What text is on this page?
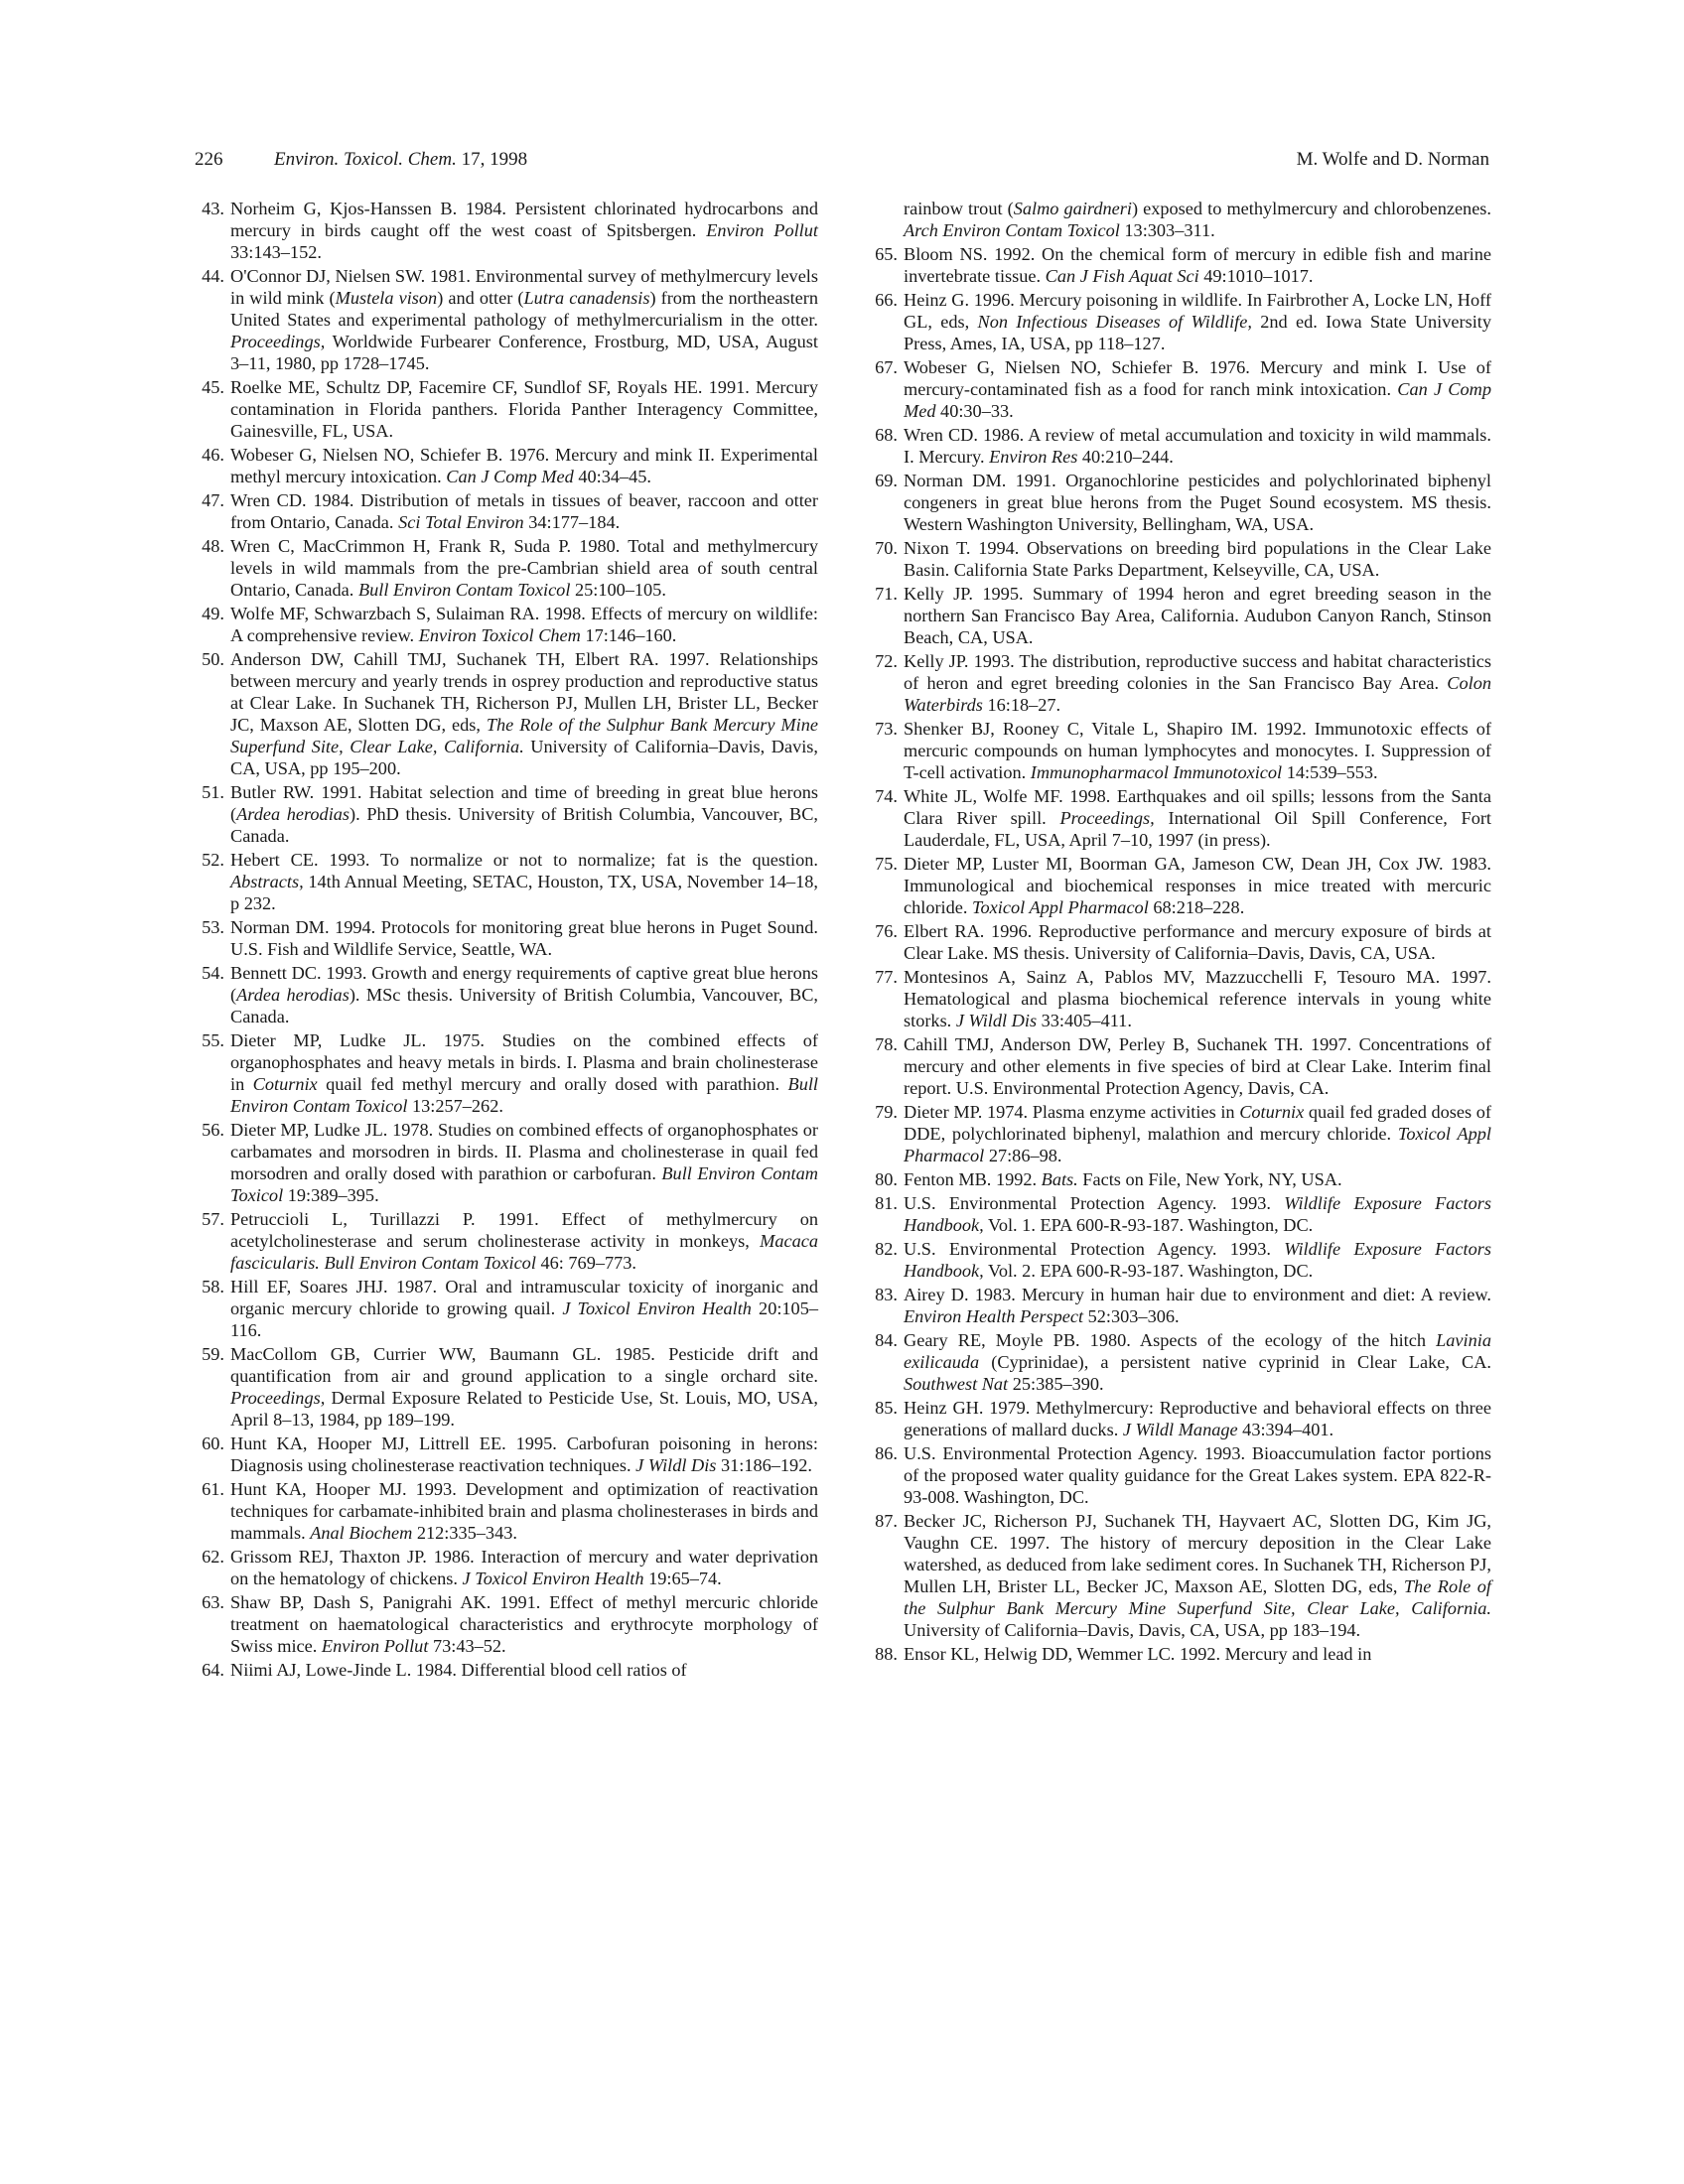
226	Environ. Toxicol. Chem. 17, 1998	M. Wolfe and D. Norman
43. Norheim G, Kjos-Hanssen B. 1984. Persistent chlorinated hydrocarbons and mercury in birds caught off the west coast of Spitsbergen. Environ Pollut 33:143–152.
44. O'Connor DJ, Nielsen SW. 1981. Environmental survey of methylmercury levels in wild mink (Mustela vison) and otter (Lutra canadensis) from the northeastern United States and experimental pathology of methylmercurialism in the otter. Proceedings, Worldwide Furbearer Conference, Frostburg, MD, USA, August 3–11, 1980, pp 1728–1745.
45. Roelke ME, Schultz DP, Facemire CF, Sundlof SF, Royals HE. 1991. Mercury contamination in Florida panthers. Florida Panther Interagency Committee, Gainesville, FL, USA.
46. Wobeser G, Nielsen NO, Schiefer B. 1976. Mercury and mink II. Experimental methyl mercury intoxication. Can J Comp Med 40:34–45.
47. Wren CD. 1984. Distribution of metals in tissues of beaver, raccoon and otter from Ontario, Canada. Sci Total Environ 34:177–184.
48. Wren C, MacCrimmon H, Frank R, Suda P. 1980. Total and methylmercury levels in wild mammals from the pre-Cambrian shield area of south central Ontario, Canada. Bull Environ Contam Toxicol 25:100–105.
49. Wolfe MF, Schwarzbach S, Sulaiman RA. 1998. Effects of mercury on wildlife: A comprehensive review. Environ Toxicol Chem 17:146–160.
50. Anderson DW, Cahill TMJ, Suchanek TH, Elbert RA. 1997. Relationships between mercury and yearly trends in osprey production and reproductive status at Clear Lake. In Suchanek TH, Richerson PJ, Mullen LH, Brister LL, Becker JC, Maxson AE, Slotten DG, eds, The Role of the Sulphur Bank Mercury Mine Superfund Site, Clear Lake, California. University of California–Davis, Davis, CA, USA, pp 195–200.
51. Butler RW. 1991. Habitat selection and time of breeding in great blue herons (Ardea herodias). PhD thesis. University of British Columbia, Vancouver, BC, Canada.
52. Hebert CE. 1993. To normalize or not to normalize; fat is the question. Abstracts, 14th Annual Meeting, SETAC, Houston, TX, USA, November 14–18, p 232.
53. Norman DM. 1994. Protocols for monitoring great blue herons in Puget Sound. U.S. Fish and Wildlife Service, Seattle, WA.
54. Bennett DC. 1993. Growth and energy requirements of captive great blue herons (Ardea herodias). MSc thesis. University of British Columbia, Vancouver, BC, Canada.
55. Dieter MP, Ludke JL. 1975. Studies on the combined effects of organophosphates and heavy metals in birds. I. Plasma and brain cholinesterase in Coturnix quail fed methyl mercury and orally dosed with parathion. Bull Environ Contam Toxicol 13:257–262.
56. Dieter MP, Ludke JL. 1978. Studies on combined effects of organophosphates or carbamates and morsodren in birds. II. Plasma and cholinesterase in quail fed morsodren and orally dosed with parathion or carbofuran. Bull Environ Contam Toxicol 19:389–395.
57. Petruccioli L, Turillazzi P. 1991. Effect of methylmercury on acetylcholinesterase and serum cholinesterase activity in monkeys, Macaca fascicularis. Bull Environ Contam Toxicol 46: 769–773.
58. Hill EF, Soares JHJ. 1987. Oral and intramuscular toxicity of inorganic and organic mercury chloride to growing quail. J Toxicol Environ Health 20:105–116.
59. MacCollom GB, Currier WW, Baumann GL. 1985. Pesticide drift and quantification from air and ground application to a single orchard site. Proceedings, Dermal Exposure Related to Pesticide Use, St. Louis, MO, USA, April 8–13, 1984, pp 189–199.
60. Hunt KA, Hooper MJ, Littrell EE. 1995. Carbofuran poisoning in herons: Diagnosis using cholinesterase reactivation techniques. J Wildl Dis 31:186–192.
61. Hunt KA, Hooper MJ. 1993. Development and optimization of reactivation techniques for carbamate-inhibited brain and plasma cholinesterases in birds and mammals. Anal Biochem 212:335–343.
62. Grissom REJ, Thaxton JP. 1986. Interaction of mercury and water deprivation on the hematology of chickens. J Toxicol Environ Health 19:65–74.
63. Shaw BP, Dash S, Panigrahi AK. 1991. Effect of methyl mercuric chloride treatment on haematological characteristics and erythrocyte morphology of Swiss mice. Environ Pollut 73:43–52.
64. Niimi AJ, Lowe-Jinde L. 1984. Differential blood cell ratios of
rainbow trout (Salmo gairdneri) exposed to methylmercury and chlorobenzenes. Arch Environ Contam Toxicol 13:303–311.
65. Bloom NS. 1992. On the chemical form of mercury in edible fish and marine invertebrate tissue. Can J Fish Aquat Sci 49:1010–1017.
66. Heinz G. 1996. Mercury poisoning in wildlife. In Fairbrother A, Locke LN, Hoff GL, eds, Non Infectious Diseases of Wildlife, 2nd ed. Iowa State University Press, Ames, IA, USA, pp 118–127.
67. Wobeser G, Nielsen NO, Schiefer B. 1976. Mercury and mink I. Use of mercury-contaminated fish as a food for ranch mink intoxication. Can J Comp Med 40:30–33.
68. Wren CD. 1986. A review of metal accumulation and toxicity in wild mammals. I. Mercury. Environ Res 40:210–244.
69. Norman DM. 1991. Organochlorine pesticides and polychlorinated biphenyl congeners in great blue herons from the Puget Sound ecosystem. MS thesis. Western Washington University, Bellingham, WA, USA.
70. Nixon T. 1994. Observations on breeding bird populations in the Clear Lake Basin. California State Parks Department, Kelseyville, CA, USA.
71. Kelly JP. 1995. Summary of 1994 heron and egret breeding season in the northern San Francisco Bay Area, California. Audubon Canyon Ranch, Stinson Beach, CA, USA.
72. Kelly JP. 1993. The distribution, reproductive success and habitat characteristics of heron and egret breeding colonies in the San Francisco Bay Area. Colon Waterbirds 16:18–27.
73. Shenker BJ, Rooney C, Vitale L, Shapiro IM. 1992. Immunotoxic effects of mercuric compounds on human lymphocytes and monocytes. I. Suppression of T-cell activation. Immunopharmacol Immunotoxicol 14:539–553.
74. White JL, Wolfe MF. 1998. Earthquakes and oil spills; lessons from the Santa Clara River spill. Proceedings, International Oil Spill Conference, Fort Lauderdale, FL, USA, April 7–10, 1997 (in press).
75. Dieter MP, Luster MI, Boorman GA, Jameson CW, Dean JH, Cox JW. 1983. Immunological and biochemical responses in mice treated with mercuric chloride. Toxicol Appl Pharmacol 68:218–228.
76. Elbert RA. 1996. Reproductive performance and mercury exposure of birds at Clear Lake. MS thesis. University of California–Davis, Davis, CA, USA.
77. Montesinos A, Sainz A, Pablos MV, Mazzucchelli F, Tesouro MA. 1997. Hematological and plasma biochemical reference intervals in young white storks. J Wildl Dis 33:405–411.
78. Cahill TMJ, Anderson DW, Perley B, Suchanek TH. 1997. Concentrations of mercury and other elements in five species of bird at Clear Lake. Interim final report. U.S. Environmental Protection Agency, Davis, CA.
79. Dieter MP. 1974. Plasma enzyme activities in Coturnix quail fed graded doses of DDE, polychlorinated biphenyl, malathion and mercury chloride. Toxicol Appl Pharmacol 27:86–98.
80. Fenton MB. 1992. Bats. Facts on File, New York, NY, USA.
81. U.S. Environmental Protection Agency. 1993. Wildlife Exposure Factors Handbook, Vol. 1. EPA 600-R-93-187. Washington, DC.
82. U.S. Environmental Protection Agency. 1993. Wildlife Exposure Factors Handbook, Vol. 2. EPA 600-R-93-187. Washington, DC.
83. Airey D. 1983. Mercury in human hair due to environment and diet: A review. Environ Health Perspect 52:303–306.
84. Geary RE, Moyle PB. 1980. Aspects of the ecology of the hitch Lavinia exilicauda (Cyprinidae), a persistent native cyprinid in Clear Lake, CA. Southwest Nat 25:385–390.
85. Heinz GH. 1979. Methylmercury: Reproductive and behavioral effects on three generations of mallard ducks. J Wildl Manage 43:394–401.
86. U.S. Environmental Protection Agency. 1993. Bioaccumulation factor portions of the proposed water quality guidance for the Great Lakes system. EPA 822-R-93-008. Washington, DC.
87. Becker JC, Richerson PJ, Suchanek TH, Hayvaert AC, Slotten DG, Kim JG, Vaughn CE. 1997. The history of mercury deposition in the Clear Lake watershed, as deduced from lake sediment cores. In Suchanek TH, Richerson PJ, Mullen LH, Brister LL, Becker JC, Maxson AE, Slotten DG, eds, The Role of the Sulphur Bank Mercury Mine Superfund Site, Clear Lake, California. University of California–Davis, Davis, CA, USA, pp 183–194.
88. Ensor KL, Helwig DD, Wemmer LC. 1992. Mercury and lead in
